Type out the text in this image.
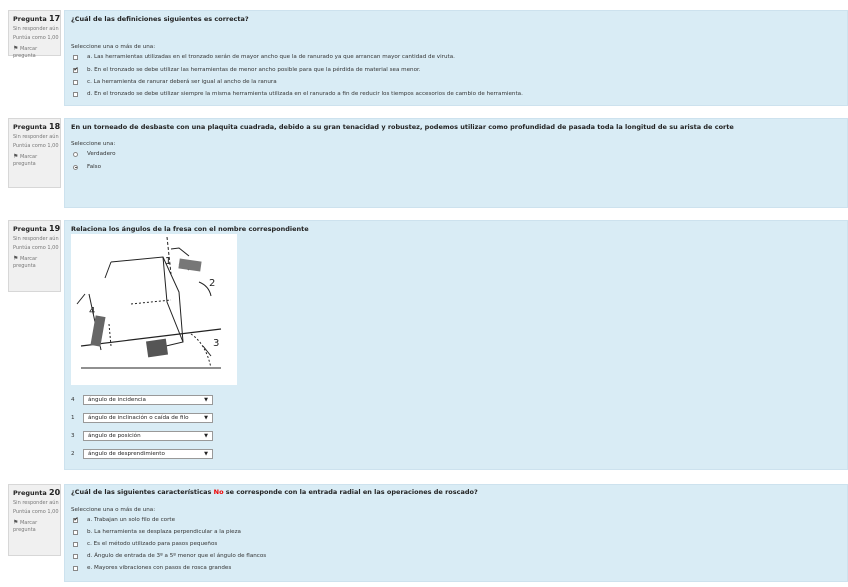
Pregunta 17
Sin responder aún
Puntúa como 1,00
⚑ Marcar pregunta
¿Cuál de las definiciones siguientes es correcta?
Seleccione una o más de una:
a. Las herramientas utilizadas en el tronzado serán de mayor ancho que la de ranurado ya que arrancan mayor cantidad de viruta.
✔
b. En el tronzado se debe utilizar las herramientas de menor ancho posible para que la pérdida de material sea menor.
c. La herramienta de ranurar deberá ser igual al ancho de la ranura
d. En el tronzado se debe utilizar siempre la misma herramienta utilizada en el ranurado a fin de reducir los tiempos accesorios de cambio de herramienta.
Pregunta 18
Sin responder aún
Puntúa como 1,00
⚑ Marcar pregunta
En un torneado de desbaste con una plaquita cuadrada, debido a su gran tenacidad y robustez, podemos utilizar como profundidad de pasada toda la longitud de su arista de corte
Seleccione una:
Verdadero
Falso
Pregunta 19
Sin responder aún
Puntúa como 1,00
⚑ Marcar pregunta
Relaciona los ángulos de la fresa con el nombre correspondiente
1
2
3
4
4	ángulo de incidencia	▼
1	ángulo de inclinación o caída de filo	▼
3	ángulo de posición	▼
2	ángulo de desprendimiento	▼
Pregunta 20
Sin responder aún
Puntúa como 1,00
⚑ Marcar pregunta
¿Cuál de las siguientes características No se corresponde con la entrada radial en las operaciones de roscado?
Seleccione una o más de una:
✔
a. Trabajan un solo filo de corte
b. La herramienta se desplaza perpendicular a la pieza
c. Es el método utilizado para pasos pequeños
d. Ángulo de entrada de 3º a 5º menor que el ángulo de flancos
e. Mayores vibraciones con pasos de rosca grandes
